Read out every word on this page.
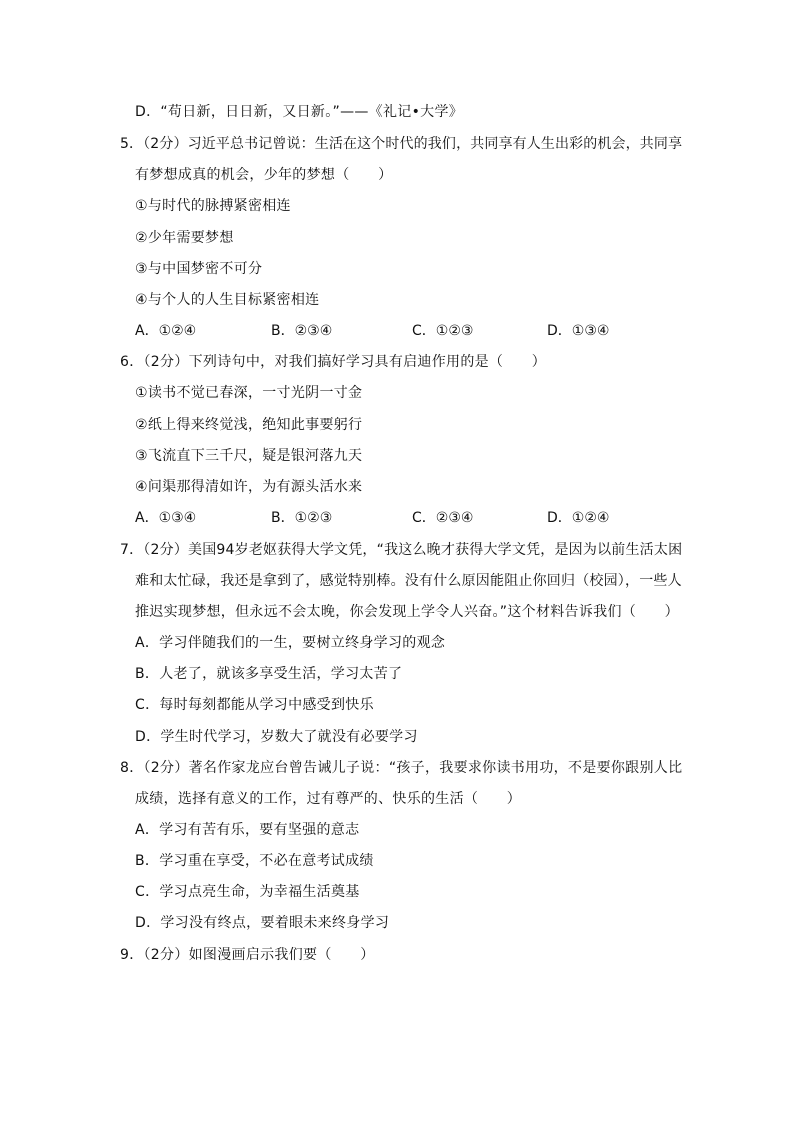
D．“苟日新，日日新，又日新。”——《礼记•大学》
5．（2分）习近平总书记曾说：生活在这个时代的我们，共同享有人生出彩的机会，共同享
有梦想成真的机会，少年的梦想（　　）
①与时代的脉搏紧密相连
②少年需要梦想
③与中国梦密不可分
④与个人的人生目标紧密相连
A．①②④	B．②③④	C．①②③	D．①③④
6．（2分）下列诗句中，对我们搞好学习具有启迪作用的是（　　）
①读书不觉已春深，一寸光阴一寸金
②纸上得来终觉浅，绝知此事要躬行
③飞流直下三千尺，疑是银河落九天
④问渠那得清如许，为有源头活水来
A．①③④	B．①②③	C．②③④	D．①②④
7．（2分）美国94岁老妪获得大学文凭，“我这么晚才获得大学文凭，是因为以前生活太困
难和太忙碌，我还是拿到了，感觉特别棒。没有什么原因能阻止你回归（校园），一些人
推迟实现梦想，但永远不会太晚，你会发现上学令人兴奋。”这个材料告诉我们（　　）
A．学习伴随我们的一生，要树立终身学习的观念
B．人老了，就该多享受生活，学习太苦了
C．每时每刻都能从学习中感受到快乐
D．学生时代学习，岁数大了就没有必要学习
8．（2分）著名作家龙应台曾告诫儿子说：“孩子，我要求你读书用功，不是要你跟别人比
成绩，选择有意义的工作，过有尊严的、快乐的生活（　　）
A．学习有苦有乐，要有坚强的意志
B．学习重在享受，不必在意考试成绩
C．学习点亮生命，为幸福生活奠基
D．学习没有终点，要着眼未来终身学习
9．（2分）如图漫画启示我们要（　　）
